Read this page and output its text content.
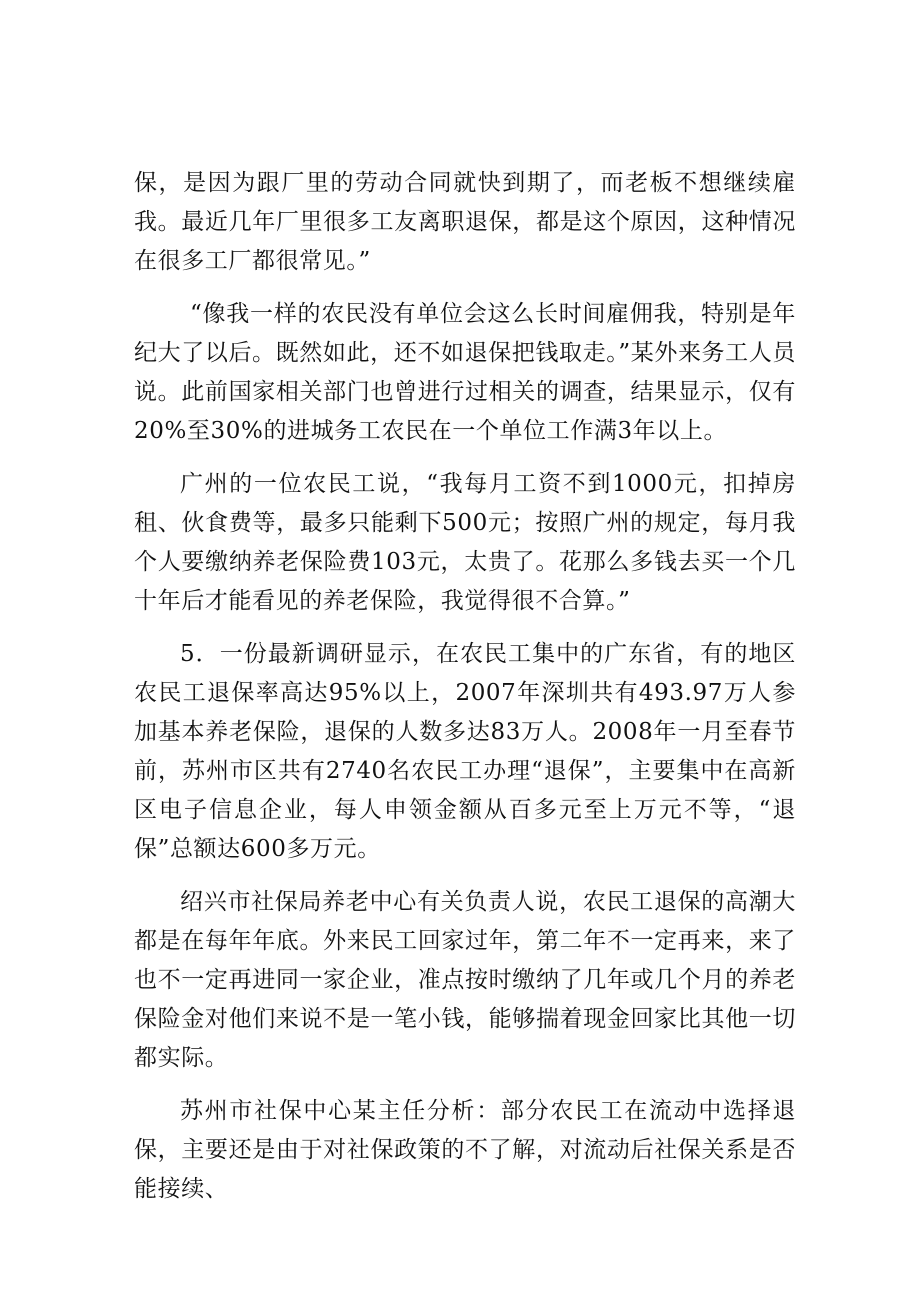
保，是因为跟厂里的劳动合同就快到期了，而老板不想继续雇我。最近几年厂里很多工友离职退保，都是这个原因，这种情况在很多工厂都很常见。”

“像我一样的农民没有单位会这么长时间雇佣我，特别是年纪大了以后。既然如此，还不如退保把钱取走。”某外来务工人员说。此前国家相关部门也曾进行过相关的调查，结果显示，仅有20%至30%的进城务工农民在一个单位工作满3年以上。

广州的一位农民工说，“我每月工资不到1000元，扣掉房租、伙食费等，最多只能剩下500元；按照广州的规定，每月我个人要缴纳养老保险费103元，太贵了。花那么多钱去买一个几十年后才能看见的养老保险，我觉得很不合算。”

5．一份最新调研显示，在农民工集中的广东省，有的地区农民工退保率高达95%以上，2007年深圳共有493.97万人参加基本养老保险，退保的人数多达83万人。2008年一月至春节前，苏州市区共有2740名农民工办理“退保”，主要集中在高新区电子信息企业，每人申领金额从百多元至上万元不等，“退保”总额达600多万元。

绍兴市社保局养老中心有关负责人说，农民工退保的高潮大都是在每年年底。外来民工回家过年，第二年不一定再来，来了也不一定再进同一家企业，准点按时缴纳了几年或几个月的养老保险金对他们来说不是一笔小钱，能够揣着现金回家比其他一切都实际。

苏州市社保中心某主任分析：部分农民工在流动中选择退保，主要还是由于对社保政策的不了解，对流动后社保关系是否能接续、
